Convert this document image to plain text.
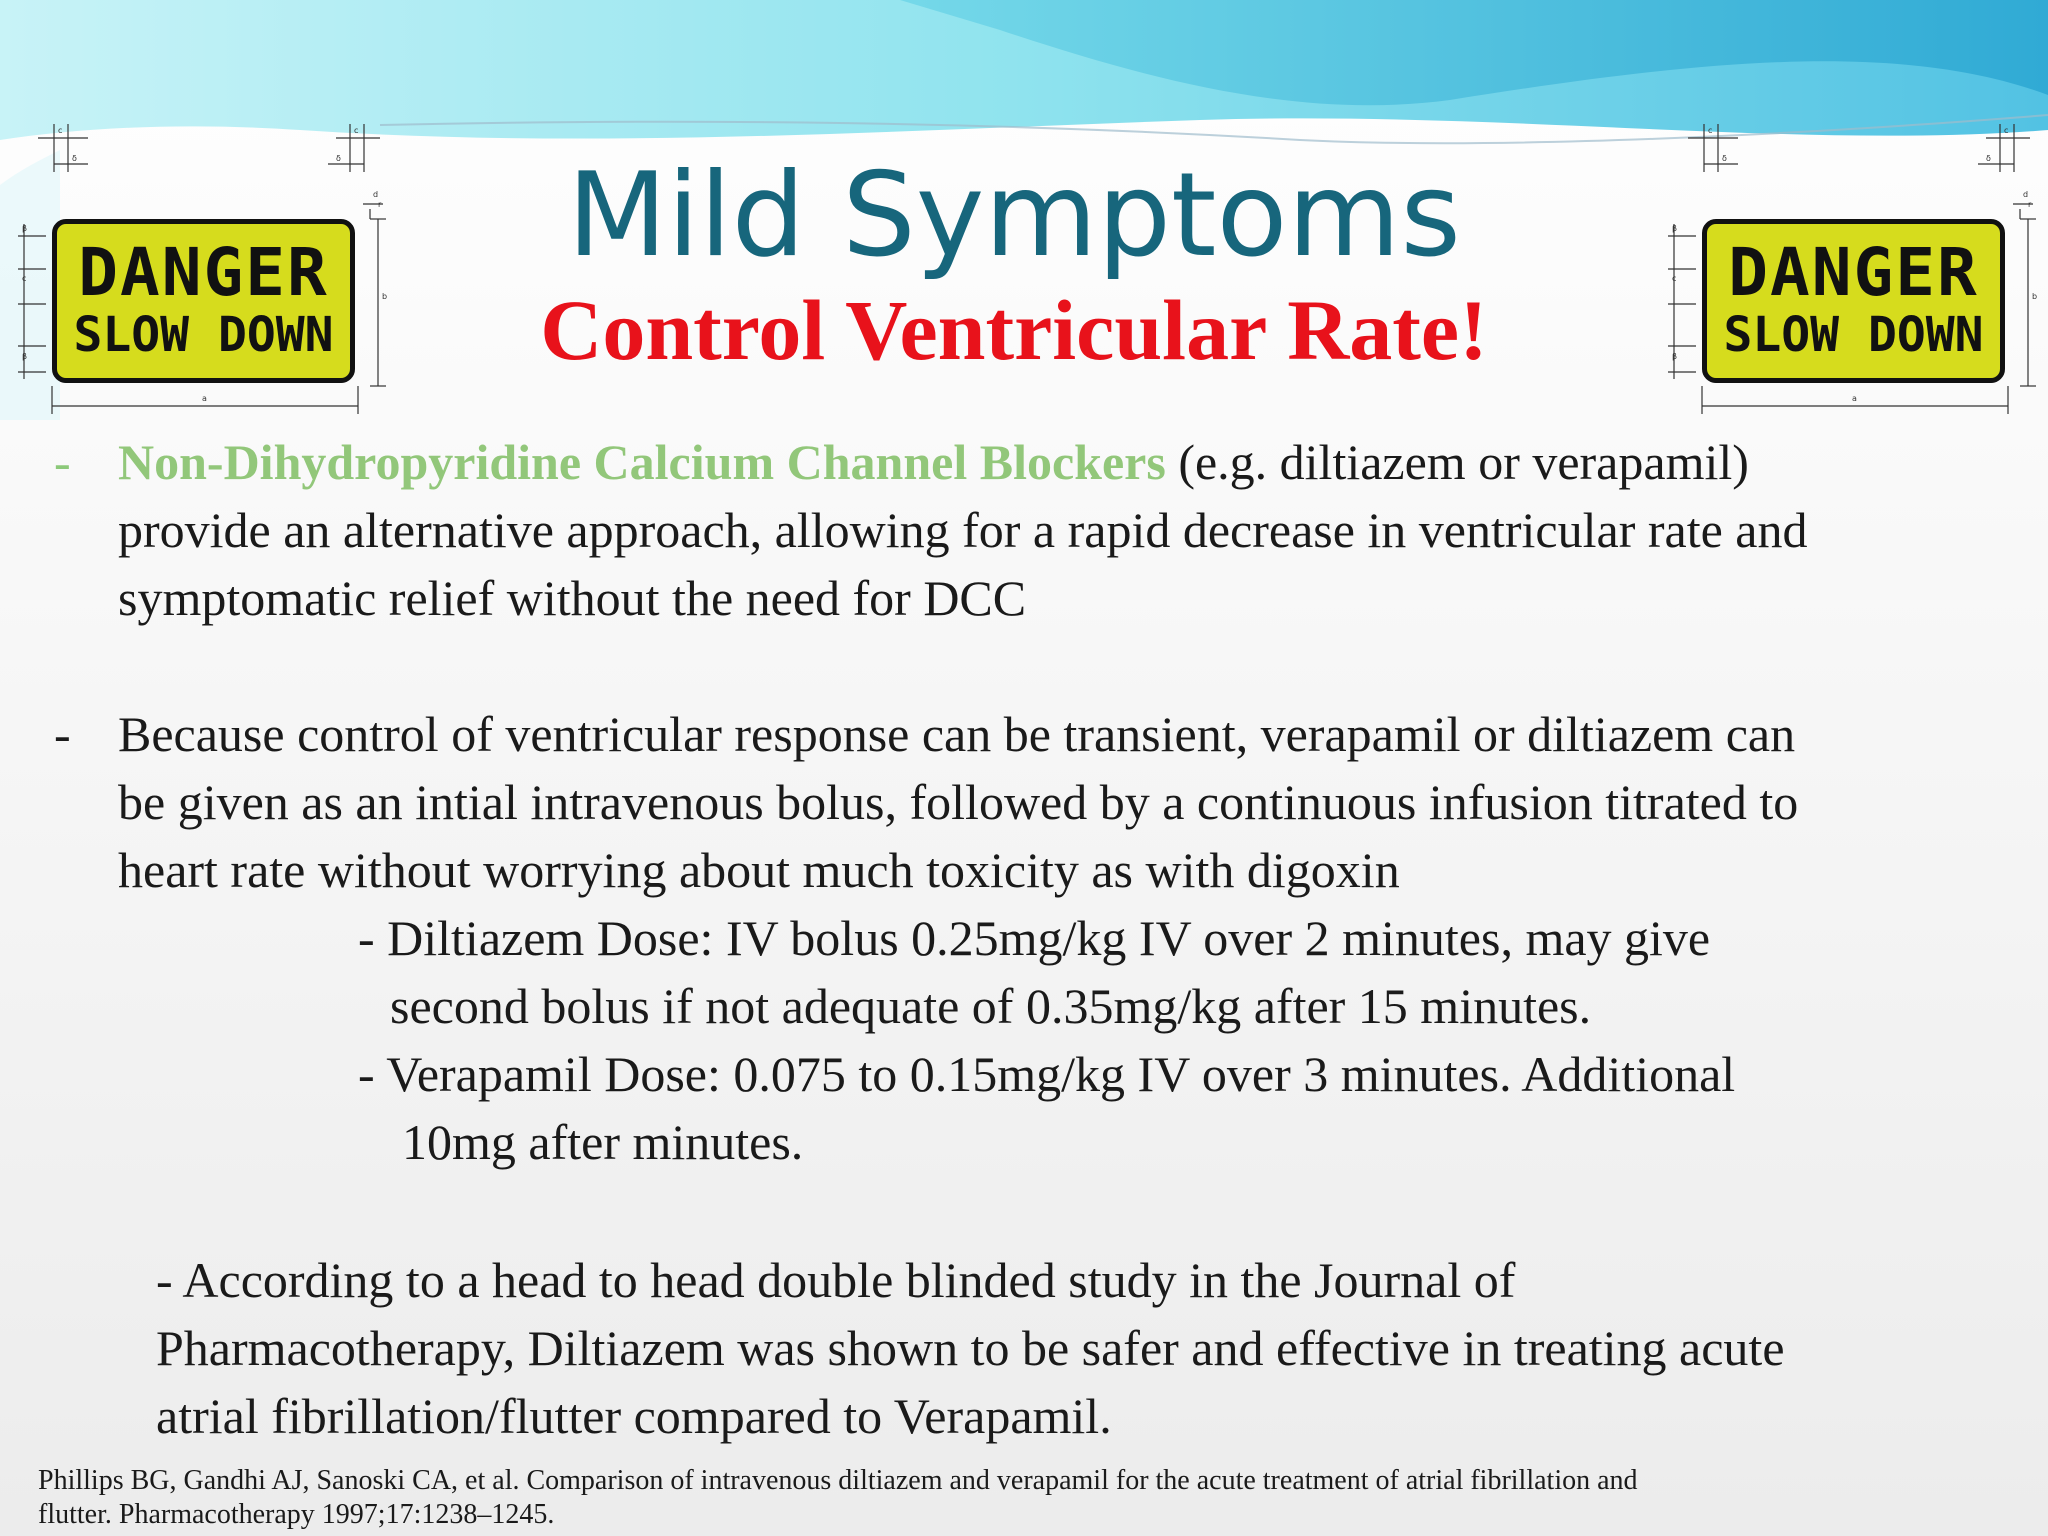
c
δ
c
δ
d
r
β
c
β
b
a
DANGER
SLOW DOWN
c
δ
c
δ
d
r
β
c
β
b
a
DANGER
SLOW DOWN
Mild Symptoms
Control Ventricular Rate!
- Non-Dihydropyridine Calcium Channel Blockers (e.g. diltiazem or verapamil)
provide an alternative approach, allowing for a rapid decrease in ventricular rate and
symptomatic relief without the need for DCC
- Because control of ventricular response can be transient, verapamil or diltiazem can
be given as an intial intravenous bolus, followed by a continuous infusion titrated to
heart rate without worrying about much toxicity as with digoxin
- Diltiazem Dose: IV bolus 0.25mg/kg IV over 2 minutes, may give
second bolus if not adequate of 0.35mg/kg after 15 minutes.
- Verapamil Dose: 0.075 to 0.15mg/kg IV over 3 minutes. Additional
10mg after minutes.
- According to a head to head double blinded study in the Journal of
Pharmacotherapy, Diltiazem was shown to be safer and effective in treating acute
atrial fibrillation/flutter compared to Verapamil.
Phillips BG, Gandhi AJ, Sanoski CA, et al. Comparison of intravenous diltiazem and verapamil for the acute treatment of atrial fibrillation and
flutter. Pharmacotherapy 1997;17:1238–1245.
